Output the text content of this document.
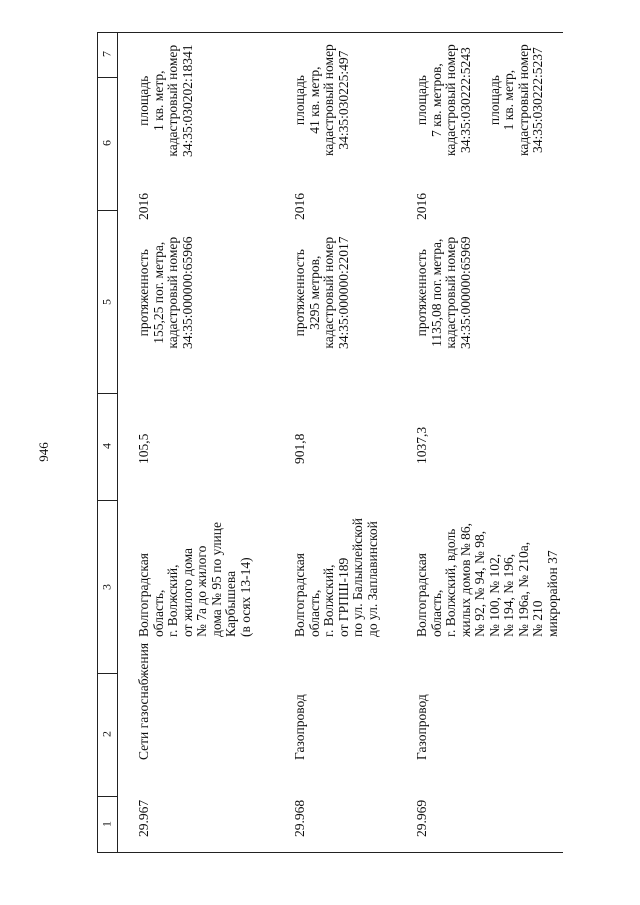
946
1
2
3
4
5
6
7
29.967
Сети газоснабжения
Волгоградская область, г. Волжский, от жилого дома № 7а до жилого дома № 95 по улице Карбышева (в осях 13-14)
105,5
протяженность 155,25 пог. метра, кадастровый номер 34:35:000000:65966
2016
площадь 1 кв. метр, кадастровый номер 34:35:030202:18341
29.968
Газопровод
Волгоградская область, г. Волжский, от ГРПШ-189 по ул. Балыклейской до ул. Заплавинской
901,8
протяженность 3295 метров, кадастровый номер 34:35:000000:22017
2016
площадь 41 кв. метр, кадастровый номер 34:35:030225:497
29.969
Газопровод
Волгоградская область, г. Волжский, вдоль жилых домов № 86, № 92, № 94, № 98, № 100, № 102, № 194, № 196, № 196а, № 210а, № 210 микрорайон 37
1037,3
протяженность 1135,08 пог. метра, кадастровый номер 34:35:000000:65969
2016
площадь 7 кв. метров, кадастровый номер 34:35:030222:5243
площадь 1 кв. метр, кадастровый номер 34:35:030222:5237
